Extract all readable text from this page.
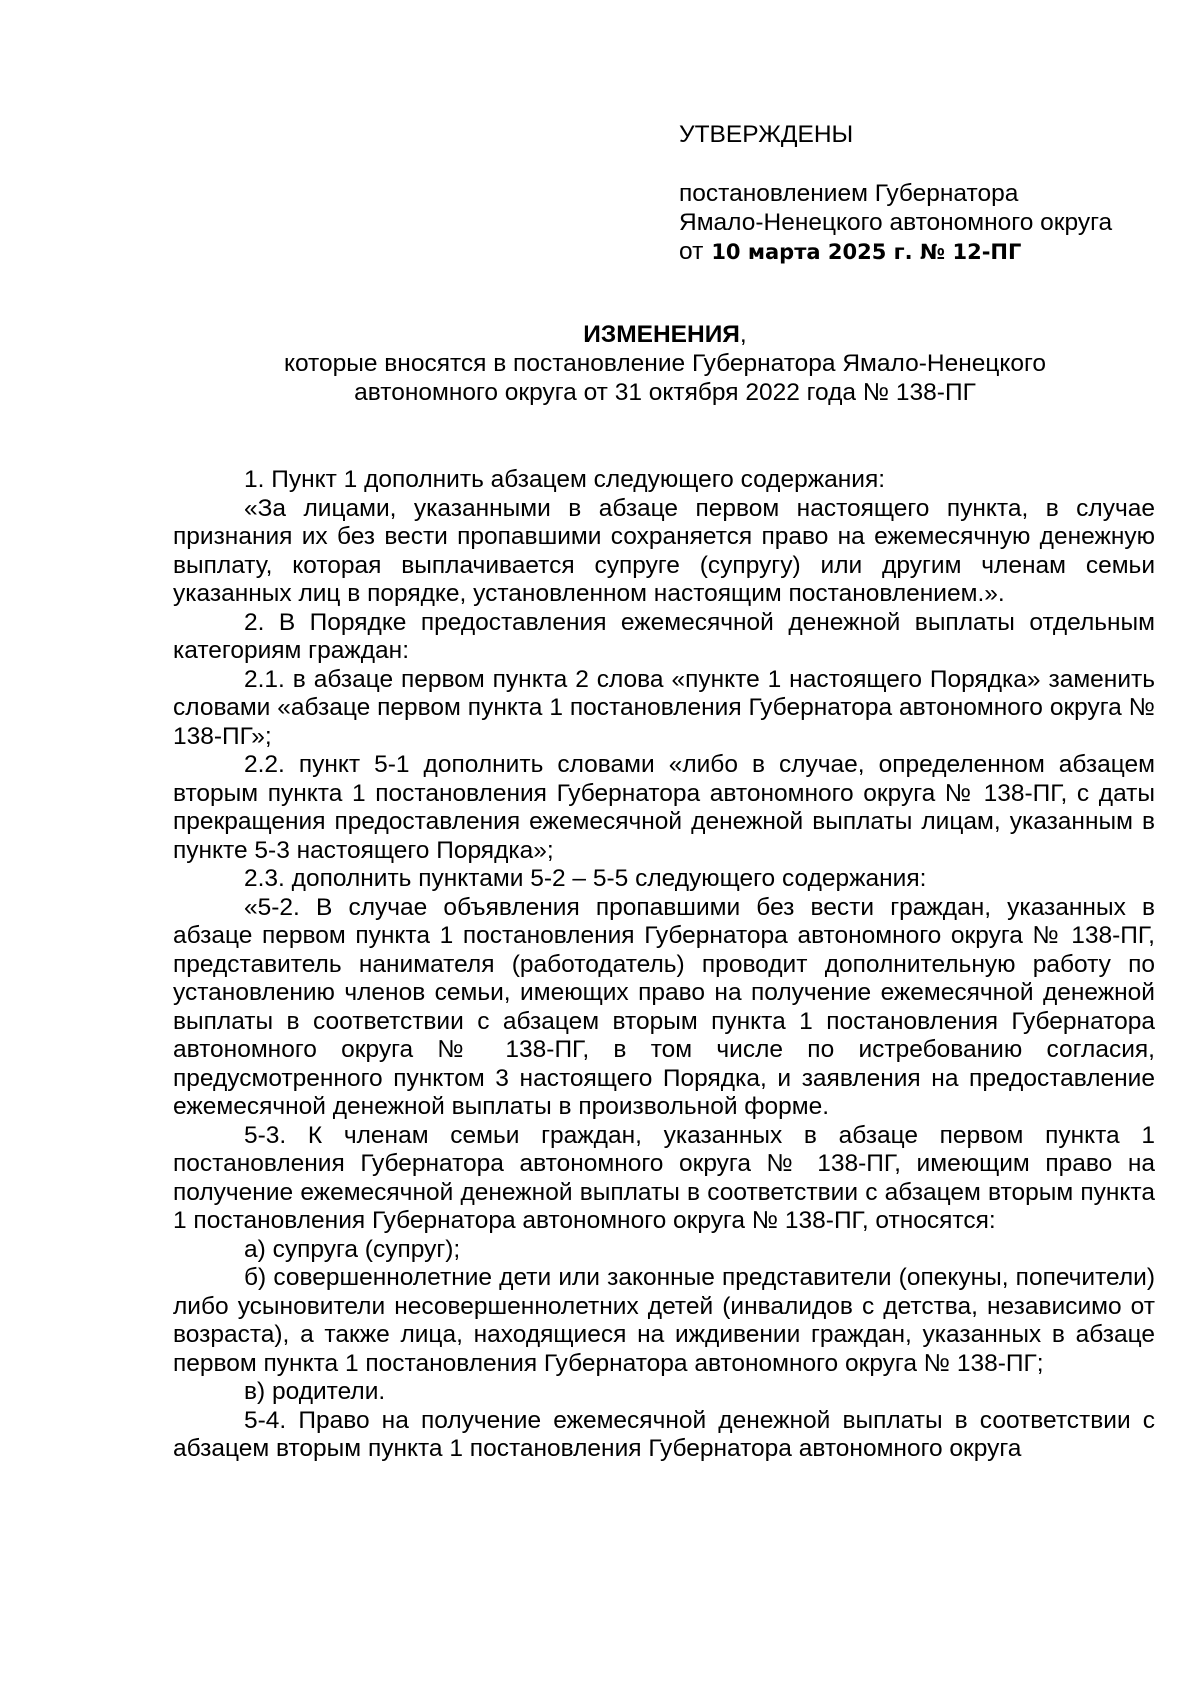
УТВЕРЖДЕНЫ
постановлением Губернатора
Ямало-Ненецкого автономного округа
от 10 марта 2025 г. № 12-ПГ
ИЗМЕНЕНИЯ,
которые вносятся в постановление Губернатора Ямало-Ненецкого
автономного округа от 31 октября 2022 года № 138-ПГ

1. Пункт 1 дополнить абзацем следующего содержания:

«За лицами, указанными в абзаце первом настоящего пункта, в случае признания их без вести пропавшими сохраняется право на ежемесячную денежную выплату, которая выплачивается супруге (супругу) или другим членам семьи указанных лиц в порядке, установленном настоящим постановлением.».

2. В Порядке предоставления ежемесячной денежной выплаты отдельным категориям граждан:

2.1. в абзаце первом пункта 2 слова «пункте 1 настоящего Порядка» заменить словами «абзаце первом пункта 1 постановления Губернатора автономного округа № 138-ПГ»;

2.2. пункт 5-1 дополнить словами «либо в случае, определенном абзацем вторым пункта 1 постановления Губернатора автономного округа № 138-ПГ, с даты прекращения предоставления ежемесячной денежной выплаты лицам, указанным в пункте 5-3 настоящего Порядка»;

2.3. дополнить пунктами 5-2 – 5-5 следующего содержания:

«5-2. В случае объявления пропавшими без вести граждан, указанных в абзаце первом пункта 1 постановления Губернатора автономного округа № 138-ПГ, представитель нанимателя (работодатель) проводит дополнительную работу по установлению членов семьи, имеющих право на получение ежемесячной денежной выплаты в соответствии с абзацем вторым пункта 1 постановления Губернатора автономного округа № 138-ПГ, в том числе по истребованию согласия, предусмотренного пунктом 3 настоящего Порядка, и заявления на предоставление ежемесячной денежной выплаты в произвольной форме.

5-3. К членам семьи граждан, указанных в абзаце первом пункта 1 постановления Губернатора автономного округа № 138-ПГ, имеющим право на получение ежемесячной денежной выплаты в соответствии с абзацем вторым пункта 1 постановления Губернатора автономного округа № 138-ПГ, относятся:

а) супруга (супруг);

б) совершеннолетние дети или законные представители (опекуны, попечители) либо усыновители несовершеннолетних детей (инвалидов с детства, независимо от возраста), а также лица, находящиеся на иждивении граждан, указанных в абзаце первом пункта 1 постановления Губернатора автономного округа № 138-ПГ;

в) родители.

5-4. Право на получение ежемесячной денежной выплаты в соответствии с абзацем вторым пункта 1 постановления Губернатора автономного округа
